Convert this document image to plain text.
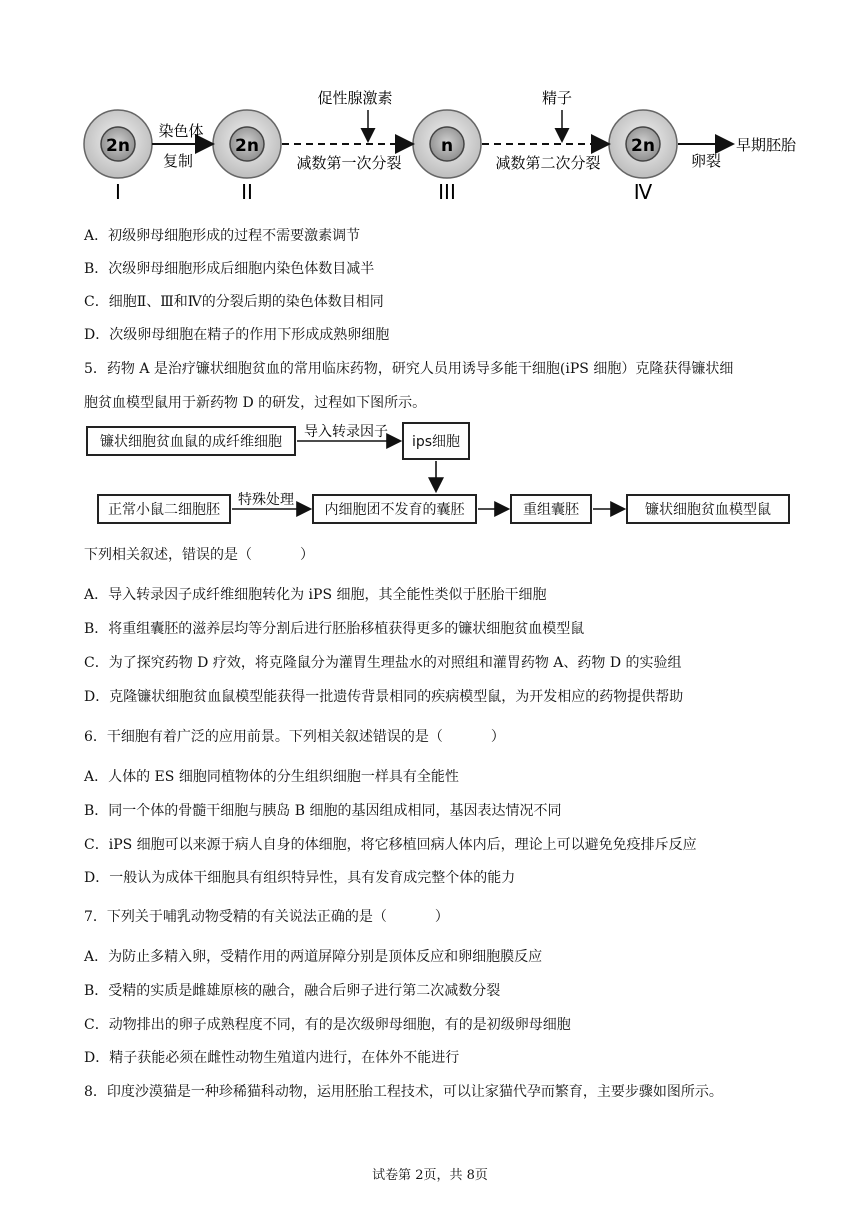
2n
I
2n
II
n
III
2n
Ⅳ
染色体
复制
促性腺激素
减数第一次分裂
精子
减数第二次分裂	卵裂
早期胚胎
A．初级卵母细胞形成的过程不需要激素调节
B．次级卵母细胞形成后细胞内染色体数目减半
C．细胞Ⅱ、Ⅲ和Ⅳ的分裂后期的染色体数目相同
D．次级卵母细胞在精子的作用下形成成熟卵细胞
5．药物 A 是治疗镰状细胞贫血的常用临床药物，研究人员用诱导多能干细胞(iPS 细胞）克隆获得镰状细
胞贫血模型鼠用于新药物 D 的研发，过程如下图所示。
镰状细胞贫血鼠的成纤维细胞	ips细胞
正常小鼠二细胞胚	内细胞团不发育的囊胚	重组囊胚	镰状细胞贫血模型鼠
导入转录因子
特殊处理
下列相关叙述，错误的是（	）
A．导入转录因子成纤维细胞转化为 iPS 细胞，其全能性类似于胚胎干细胞
B．将重组囊胚的滋养层均等分割后进行胚胎移植获得更多的镰状细胞贫血模型鼠
C．为了探究药物 D 疗效，将克隆鼠分为灌胃生理盐水的对照组和灌胃药物 A、药物 D 的实验组
D．克隆镰状细胞贫血鼠模型能获得一批遗传背景相同的疾病模型鼠，为开发相应的药物提供帮助
6．干细胞有着广泛的应用前景。下列相关叙述错误的是（	）
A．人体的 ES 细胞同植物体的分生组织细胞一样具有全能性
B．同一个体的骨髓干细胞与胰岛 B 细胞的基因组成相同，基因表达情况不同
C．iPS 细胞可以来源于病人自身的体细胞，将它移植回病人体内后，理论上可以避免免疫排斥反应
D．一般认为成体干细胞具有组织特异性，具有发育成完整个体的能力
7．下列关于哺乳动物受精的有关说法正确的是（	）
A．为防止多精入卵，受精作用的两道屏障分别是顶体反应和卵细胞膜反应
B．受精的实质是雌雄原核的融合，融合后卵子进行第二次减数分裂
C．动物排出的卵子成熟程度不同，有的是次级卵母细胞，有的是初级卵母细胞
D．精子获能必须在雌性动物生殖道内进行，在体外不能进行
8．印度沙漠猫是一种珍稀猫科动物，运用胚胎工程技术，可以让家猫代孕而繁育，主要步骤如图所示。
试卷第 2页，共 8页
